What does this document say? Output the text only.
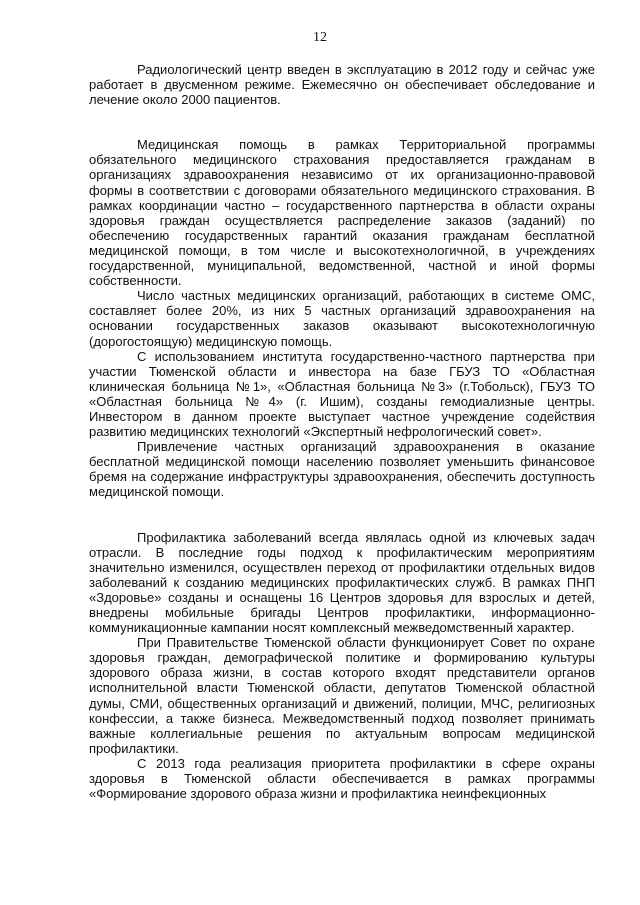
12

Радиологический центр введен в эксплуатацию в 2012 году и сейчас уже работает в двусменном режиме. Ежемесячно он обеспечивает обследование и лечение около 2000 пациентов.

Медицинская помощь в рамках Территориальной программы обязательного медицинского страхования предоставляется гражданам в организациях здравоохранения независимо от их организационно-правовой формы в соответствии с договорами обязательного медицинского страхования. В рамках координации частно – государственного партнерства в области охраны здоровья граждан осуществляется распределение заказов (заданий) по обеспечению государственных гарантий оказания гражданам бесплатной медицинской помощи, в том числе и высокотехнологичной, в учреждениях государственной, муниципальной, ведомственной, частной и иной формы собственности.

Число частных медицинских организаций, работающих в системе ОМС, составляет более 20%, из них 5 частных организаций здравоохранения на основании государственных заказов оказывают высокотехнологичную (дорогостоящую) медицинскую помощь.

С использованием института государственно-частного партнерства при участии Тюменской области и инвестора на базе ГБУЗ ТО «Областная клиническая больница №1», «Областная больница №3» (г.Тобольск), ГБУЗ ТО «Областная больница №4» (г. Ишим), созданы гемодиализные центры. Инвестором в данном проекте выступает частное учреждение содействия развитию медицинских технологий «Экспертный нефрологический совет».

Привлечение частных организаций здравоохранения в оказание бесплатной медицинской помощи населению позволяет уменьшить финансовое бремя на содержание инфраструктуры здравоохранения, обеспечить доступность медицинской помощи.

Профилактика заболеваний всегда являлась одной из ключевых задач отрасли. В последние годы подход к профилактическим мероприятиям значительно изменился, осуществлен переход от профилактики отдельных видов заболеваний к созданию медицинских профилактических служб. В рамках ПНП «Здоровье» созданы и оснащены 16 Центров здоровья для взрослых и детей, внедрены мобильные бригады Центров профилактики, информационно-коммуникационные кампании носят комплексный межведомственный характер.

При Правительстве Тюменской области функционирует Совет по охране здоровья граждан, демографической политике и формированию культуры здорового образа жизни, в состав которого входят представители органов исполнительной власти Тюменской области, депутатов Тюменской областной думы, СМИ, общественных организаций и движений, полиции, МЧС, религиозных конфессии, а также бизнеса. Межведомственный подход позволяет принимать важные коллегиальные решения по актуальным вопросам медицинской профилактики.

С 2013 года реализация приоритета профилактики в сфере охраны здоровья в Тюменской области обеспечивается в рамках программы «Формирование здорового образа жизни и профилактика неинфекционных
